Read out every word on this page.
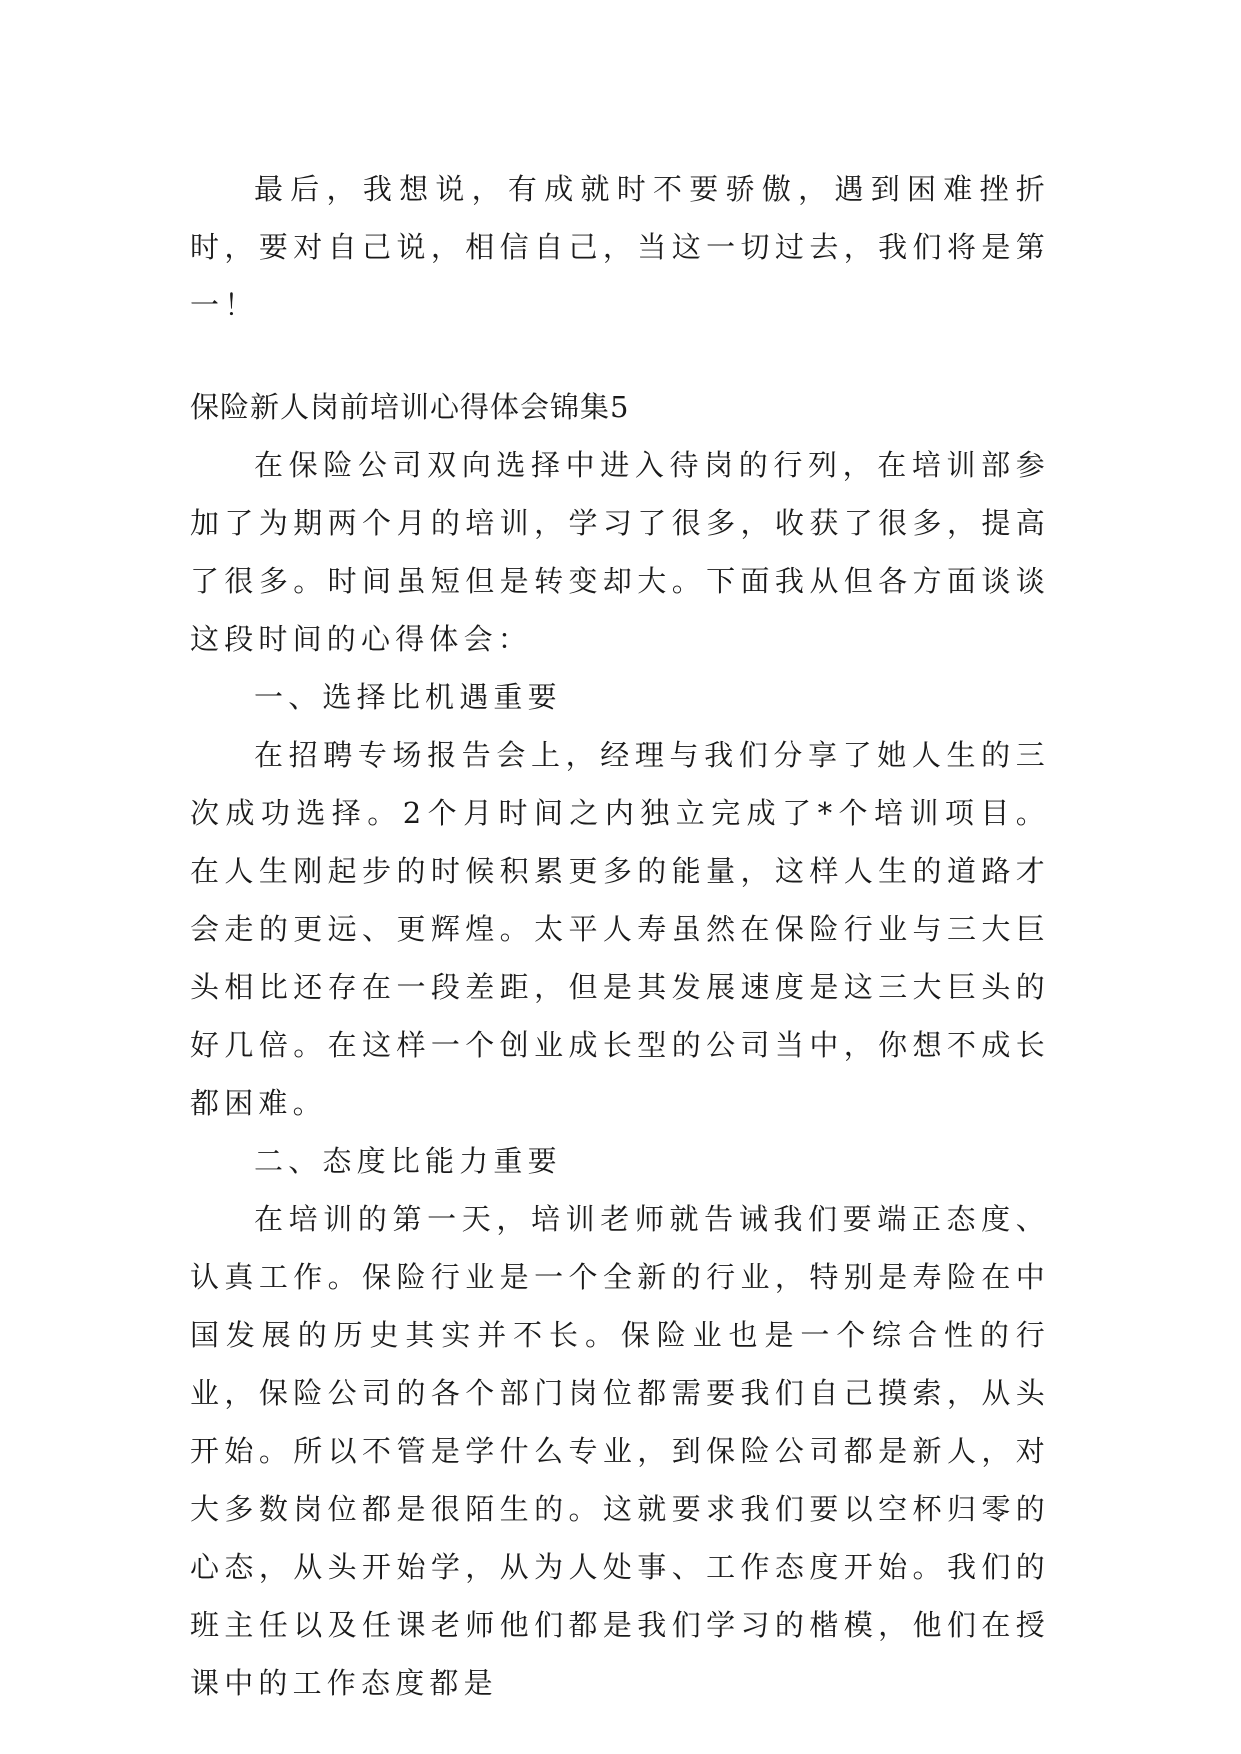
最后，我想说，有成就时不要骄傲，遇到困难挫折时，要对自己说，相信自己，当这一切过去，我们将是第一！

保险新人岗前培训心得体会锦集5

在保险公司双向选择中进入待岗的行列，在培训部参加了为期两个月的培训，学习了很多，收获了很多，提高了很多。时间虽短但是转变却大。下面我从但各方面谈谈这段时间的心得体会：

一、选择比机遇重要

在招聘专场报告会上，经理与我们分享了她人生的三次成功选择。2个月时间之内独立完成了*个培训项目。在人生刚起步的时候积累更多的能量，这样人生的道路才会走的更远、更辉煌。太平人寿虽然在保险行业与三大巨头相比还存在一段差距，但是其发展速度是这三大巨头的好几倍。在这样一个创业成长型的公司当中，你想不成长都困难。

二、态度比能力重要

在培训的第一天，培训老师就告诫我们要端正态度、认真工作。保险行业是一个全新的行业，特别是寿险在中国发展的历史其实并不长。保险业也是一个综合性的行业，保险公司的各个部门岗位都需要我们自己摸索，从头开始。所以不管是学什么专业，到保险公司都是新人，对大多数岗位都是很陌生的。这就要求我们要以空杯归零的心态，从头开始学，从为人处事、工作态度开始。我们的班主任以及任课老师他们都是我们学习的楷模，他们在授课中的工作态度都是
